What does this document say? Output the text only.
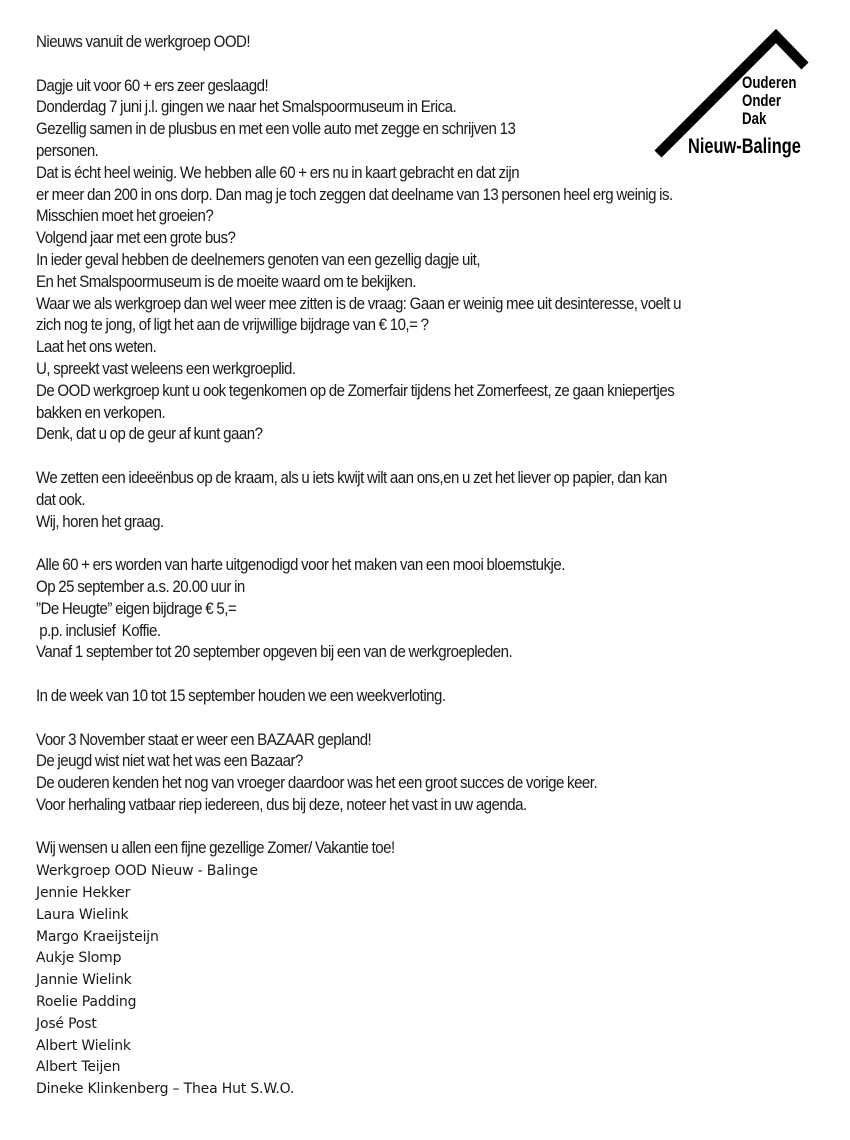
Ouderen
Onder
Dak
Nieuw-Balinge
Nieuws vanuit de werkgroep OOD!
Dagje uit voor 60 + ers zeer geslaagd!
Donderdag 7 juni j.l. gingen we naar het Smalspoormuseum in Erica.
Gezellig samen in de plusbus en met een volle auto met zegge en schrijven 13
personen.
Dat is écht heel weinig. We hebben alle 60 + ers nu in kaart gebracht en dat zijn
er meer dan 200 in ons dorp. Dan mag je toch zeggen dat deelname van 13 personen heel erg weinig is.
Misschien moet het groeien?
Volgend jaar met een grote bus?
In ieder geval hebben de deelnemers genoten van een gezellig dagje uit,
En het Smalspoormuseum is de moeite waard om te bekijken.
Waar we als werkgroep dan wel weer mee zitten is de vraag: Gaan er weinig mee uit desinteresse, voelt u
zich nog te jong, of ligt het aan de vrijwillige bijdrage van € 10,= ?
Laat het ons weten.
U, spreekt vast weleens een werkgroeplid.
De OOD werkgroep kunt u ook tegenkomen op de Zomerfair tijdens het Zomerfeest, ze gaan kniepertjes
bakken en verkopen.
Denk, dat u op de geur af kunt gaan?
We zetten een ideeënbus op de kraam, als u iets kwijt wilt aan ons,en u zet het liever op papier, dan kan
dat ook.
Wij, horen het graag.
Alle 60 + ers worden van harte uitgenodigd voor het maken van een mooi bloemstukje.
Op 25 september a.s. 20.00 uur in
”De Heugte” eigen bijdrage € 5,=
p.p. inclusief  Koffie.
Vanaf 1 september tot 20 september opgeven bij een van de werkgroepleden.
In de week van 10 tot 15 september houden we een weekverloting.
Voor 3 November staat er weer een BAZAAR gepland!
De jeugd wist niet wat het was een Bazaar?
De ouderen kenden het nog van vroeger daardoor was het een groot succes de vorige keer.
Voor herhaling vatbaar riep iedereen, dus bij deze, noteer het vast in uw agenda.
Wij wensen u allen een fijne gezellige Zomer/ Vakantie toe!
Werkgroep OOD Nieuw - Balinge
Jennie Hekker
Laura Wielink
Margo Kraeijsteijn
Aukje Slomp
Jannie Wielink
Roelie Padding
José Post
Albert Wielink
Albert Teijen
Dineke Klinkenberg – Thea Hut S.W.O.
